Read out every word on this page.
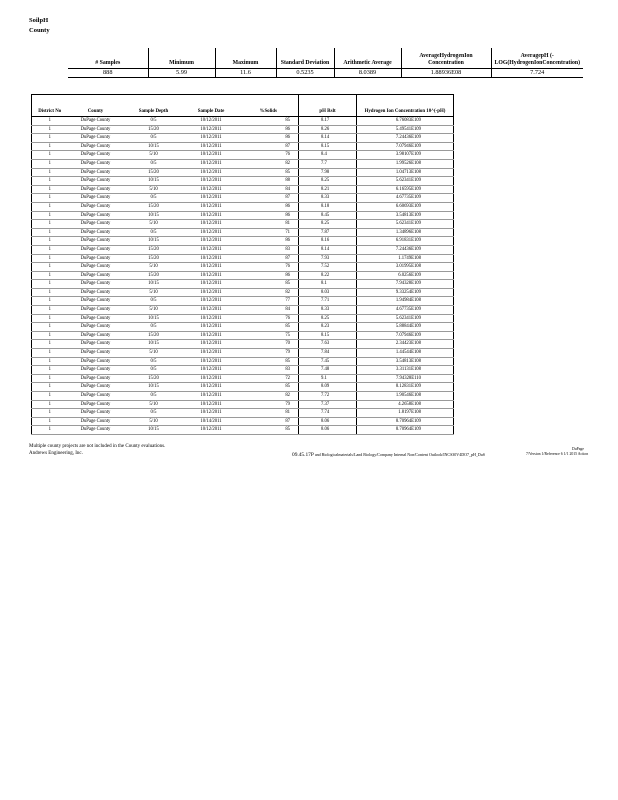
SoilpH
County
# Samples	Minimum	Maximum	Standard Deviation	Arithmetic Average	AverageHydrogenIon Concentration	AveragepH (-LOG(HydrogenIonConcentration)
888	5.99	11.6	0.5235	8.0389	1.88936E08	7.724
District No	County	Sample Depth	Sample Date	%Solids	pH Rslt	Hydrogen Ion Concentration 10^(-pH)
1	DuPage County	0/5	10/12/2011	85	8.17	6.76083E109
1	DuPage County	15/20	10/12/2011	86	8.26	5.49541E109
1	DuPage County	0/5	10/12/2011	86	8.14	7.24436E109
1	DuPage County	10/15	10/12/2011	87	8.15	7.07946E109
1	DuPage County	5/10	10/12/2011	76	8.4	3.98107E109
1	DuPage County	0/5	10/12/2011	82	7.7	1.99526E108
1	DuPage County	15/20	10/12/2011	85	7.98	1.04713E108
1	DuPage County	10/15	10/12/2011	88	8.25	5.62341E109
1	DuPage County	5/10	10/12/2011	84	8.21	6.16595E109
1	DuPage County	0/5	10/12/2011	87	8.33	4.67735E109
1	DuPage County	15/20	10/12/2011	86	8.18	6.60693E109
1	DuPage County	10/15	10/12/2011	86	8.45	3.54813E109
1	DuPage County	5/10	10/12/2011	81	8.25	5.62341E109
1	DuPage County	0/5	10/12/2011	71	7.87	1.34896E108
1	DuPage County	10/15	10/12/2011	86	8.16	6.91831E109
1	DuPage County	15/20	10/12/2011	83	8.14	7.24436E109
1	DuPage County	15/20	10/12/2011	87	7.93	1.1749E108
1	DuPage County	5/10	10/12/2011	76	7.52	3.01995E108
1	DuPage County	15/20	10/12/2011	86	8.22	6.0256E109
1	DuPage County	10/15	10/12/2011	85	8.1	7.94328E109
1	DuPage County	5/10	10/12/2011	82	8.03	9.33254E109
1	DuPage County	0/5	10/12/2011	77	7.71	1.94984E108
1	DuPage County	5/10	10/12/2011	84	8.33	4.67735E109
1	DuPage County	10/15	10/12/2011	76	8.25	5.62341E109
1	DuPage County	0/5	10/12/2011	85	8.23	5.88844E109
1	DuPage County	15/20	10/12/2011	75	8.15	7.07946E109
1	DuPage County	10/15	10/12/2011	70	7.63	2.34423E108
1	DuPage County	5/10	10/12/2011	79	7.84	1.44544E108
1	DuPage County	0/5	10/12/2011	85	7.45	3.54813E108
1	DuPage County	0/5	10/12/2011	83	7.48	3.31131E108
1	DuPage County	15/20	10/12/2011	72	9.1	7.94328E110
1	DuPage County	10/15	10/12/2011	85	8.09	8.12831E109
1	DuPage County	0/5	10/12/2011	82	7.72	1.90546E108
1	DuPage County	5/10	10/12/2011	79	7.37	4.2658E108
1	DuPage County	0/5	10/12/2011	81	7.74	1.8197E108
1	DuPage County	5/10	10/14/2011	87	8.06	8.70964E109
1	DuPage County	10/15	10/12/2011	85	8.06	8.70964E109
Multiple county projects are not included in the County evaluations.
Andrews Engineering, Inc.	09.45.17P and Biologicalmaterials/Land Biology/Company Internal Non/Content Outlook/INCS30V4DO7_pH_DuS
DuPage
7/Version 1/Reference 6 1/1 2015 Action
